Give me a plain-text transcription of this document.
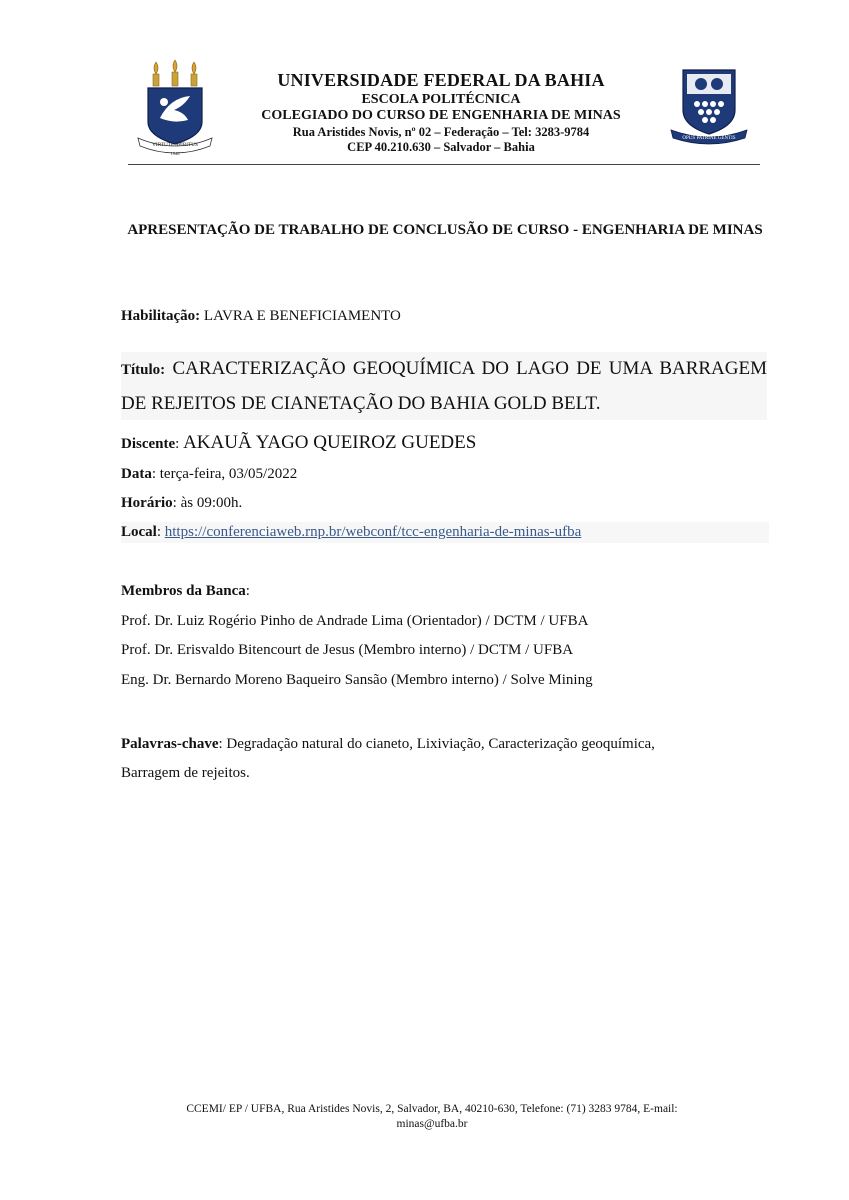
VIRTUTE SPIRITUS
1946
UNIVERSIDADE FEDERAL DA BAHIA
ESCOLA POLITÉCNICA
COLEGIADO DO CURSO DE ENGENHARIA DE MINAS
Rua Aristides Novis, nº 02 – Federação – Tel: 3283-9784
CEP 40.210.630 – Salvador – Bahia
OPUS PATRIAE GENTIS
APRESENTAÇÃO DE TRABALHO DE CONCLUSÃO DE CURSO - ENGENHARIA DE MINAS
Habilitação: LAVRA E BENEFICIAMENTO
Título: CARACTERIZAÇÃO GEOQUÍMICA DO LAGO DE UMA BARRAGEM DE REJEITOS DE CIANETAÇÃO DO BAHIA GOLD BELT.
Discente: AKAUÃ YAGO QUEIROZ GUEDES
Data: terça-feira, 03/05/2022
Horário: às 09:00h.
Local: https://conferenciaweb.rnp.br/webconf/tcc-engenharia-de-minas-ufba
Membros da Banca:
Prof. Dr. Luiz Rogério Pinho de Andrade Lima (Orientador) / DCTM / UFBA
Prof. Dr. Erisvaldo Bitencourt de Jesus (Membro interno) / DCTM / UFBA
Eng. Dr. Bernardo Moreno Baqueiro Sansão (Membro interno) / Solve Mining
Palavras-chave: Degradação natural do cianeto, Lixiviação, Caracterização geoquímica, Barragem de rejeitos.
CCEMI/ EP / UFBA, Rua Aristides Novis, 2, Salvador, BA, 40210-630, Telefone: (71) 3283 9784, E-mail:
minas@ufba.br
